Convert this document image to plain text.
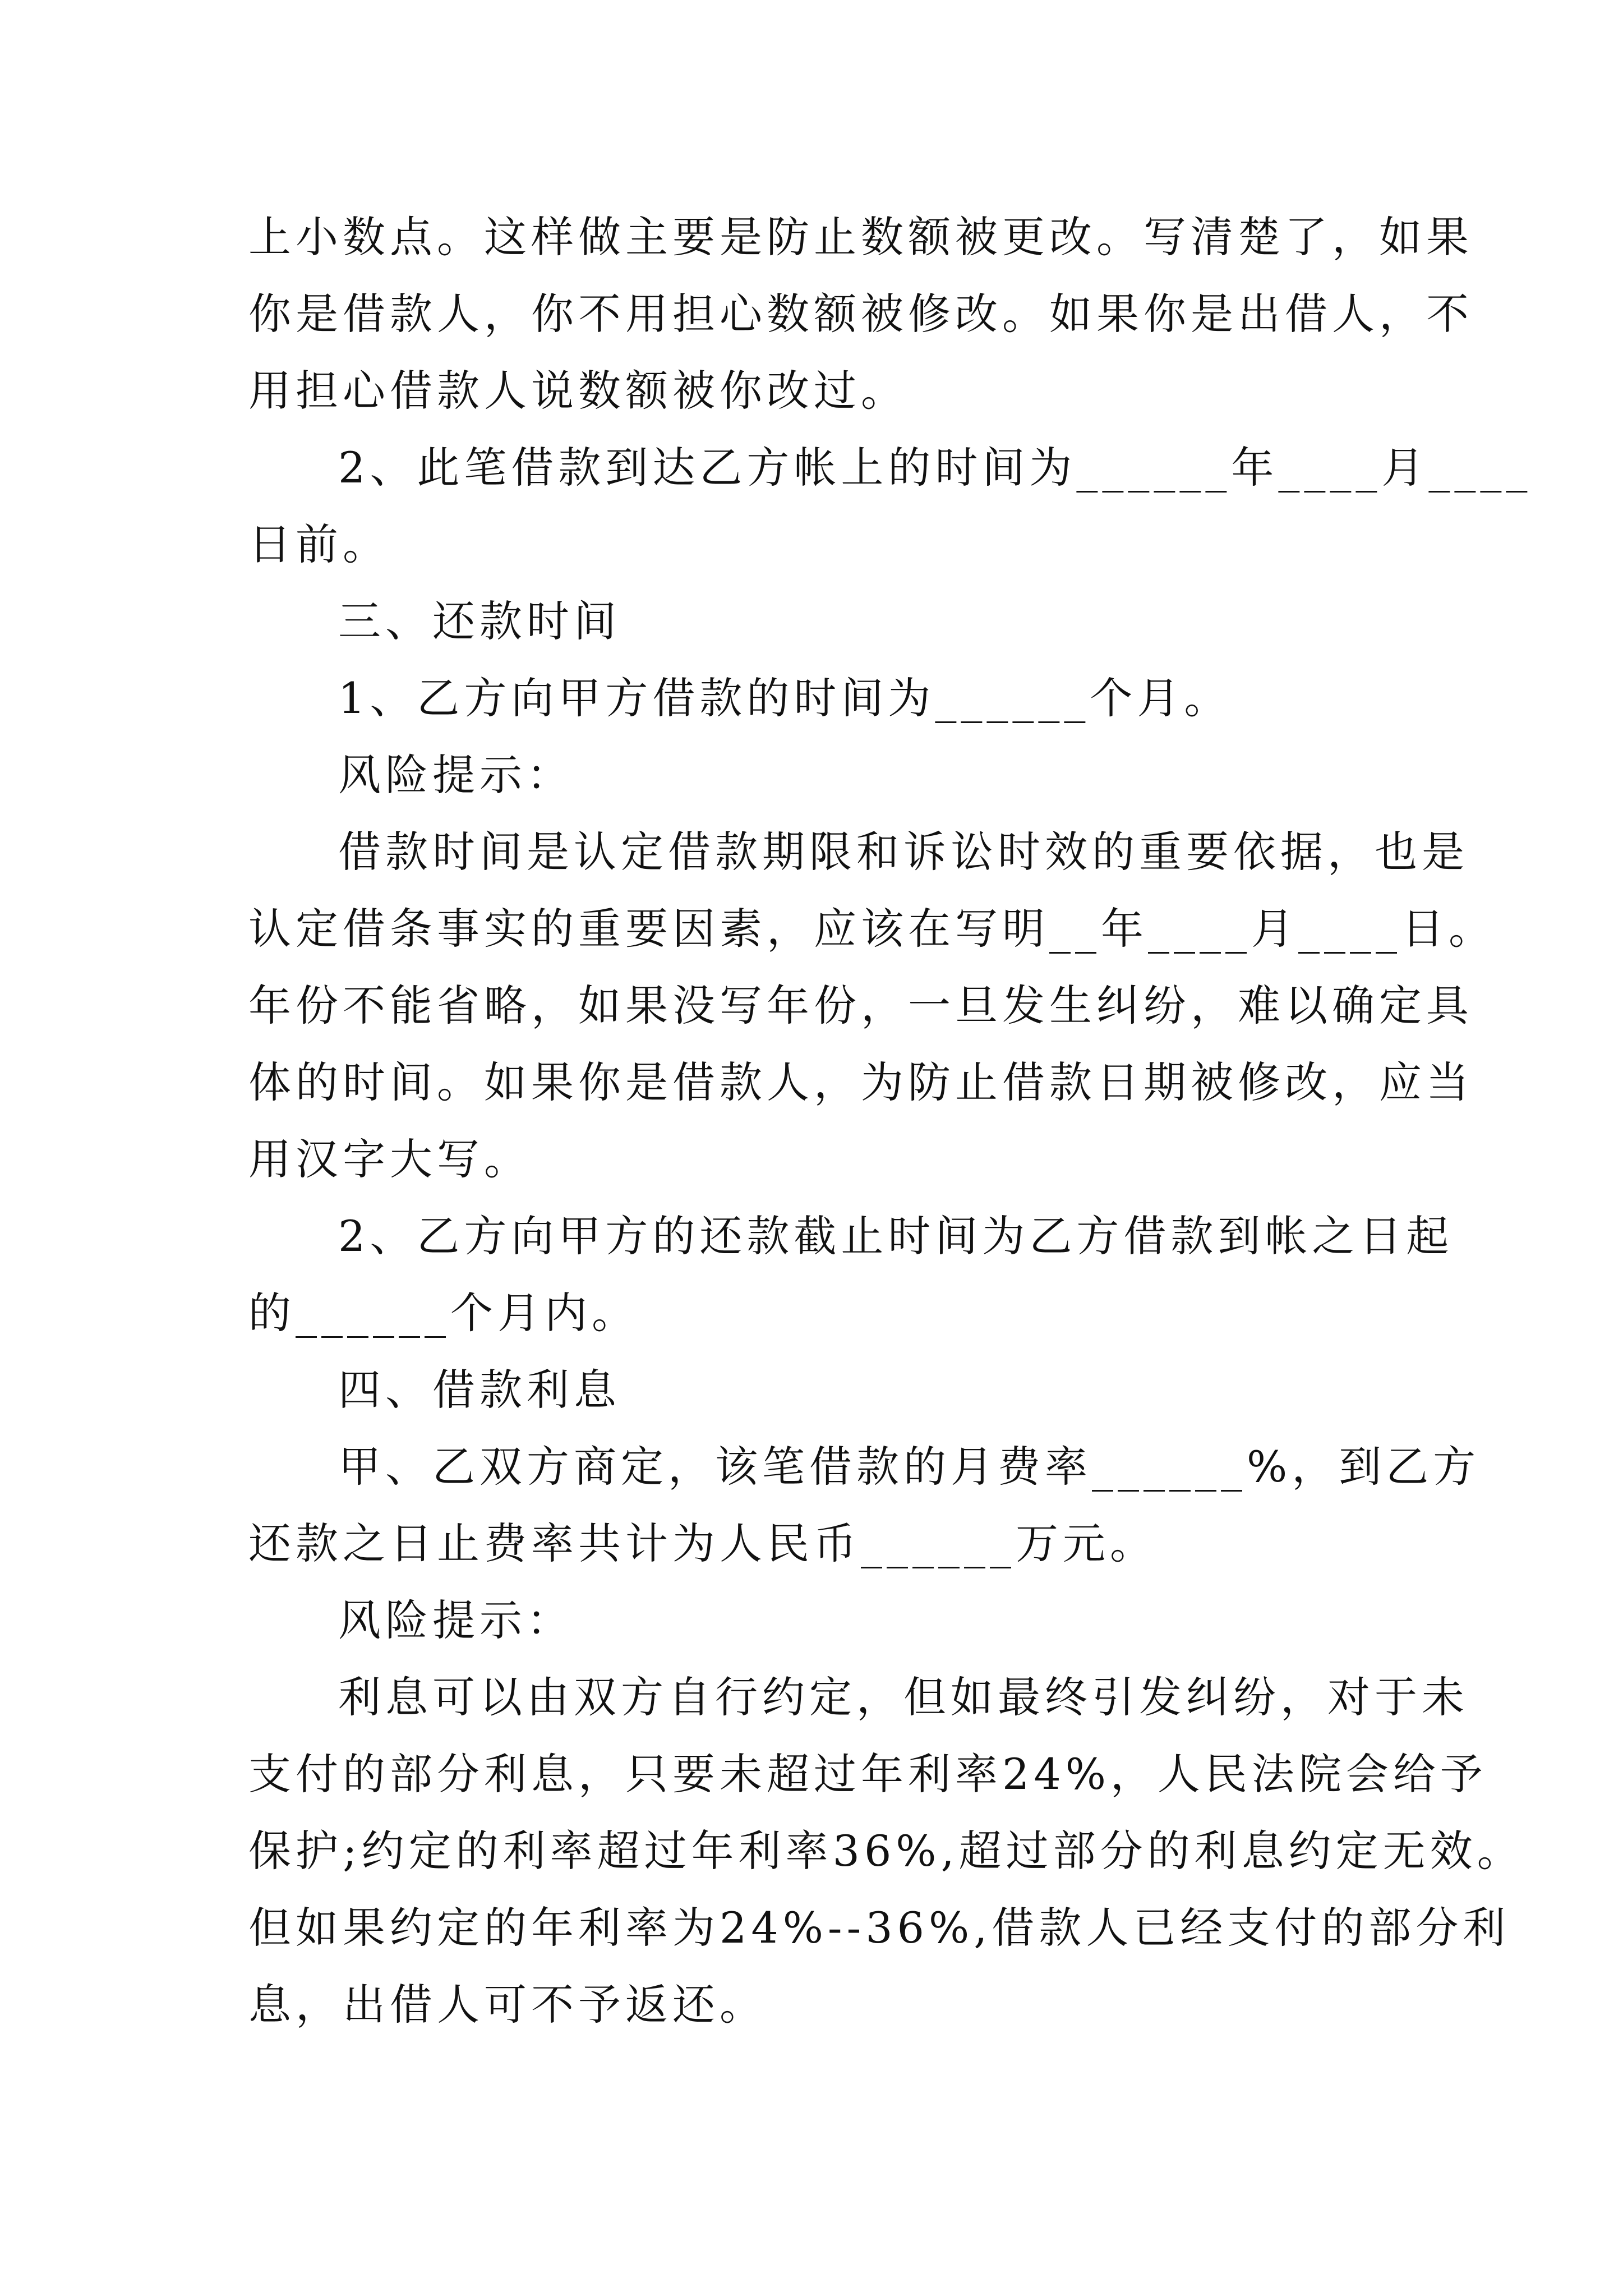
上小数点。这样做主要是防止数额被更改。写清楚了，如果
你是借款人，你不用担心数额被修改。如果你是出借人，不
用担心借款人说数额被你改过。
2、此笔借款到达乙方帐上的时间为______年____月____
日前。
三、还款时间
1、乙方向甲方借款的时间为______个月。
风险提示：
借款时间是认定借款期限和诉讼时效的重要依据，也是
认定借条事实的重要因素，应该在写明__年____月____日。
年份不能省略，如果没写年份，一旦发生纠纷，难以确定具
体的时间。如果你是借款人，为防止借款日期被修改，应当
用汉字大写。
2、乙方向甲方的还款截止时间为乙方借款到帐之日起
的______个月内。
四、借款利息
甲、乙双方商定，该笔借款的月费率______%，到乙方
还款之日止费率共计为人民币______万元。
风险提示：
利息可以由双方自行约定，但如最终引发纠纷，对于未
支付的部分利息，只要未超过年利率24%，人民法院会给予
保护;约定的利率超过年利率36%,超过部分的利息约定无效。
但如果约定的年利率为24%--36%,借款人已经支付的部分利
息，出借人可不予返还。
